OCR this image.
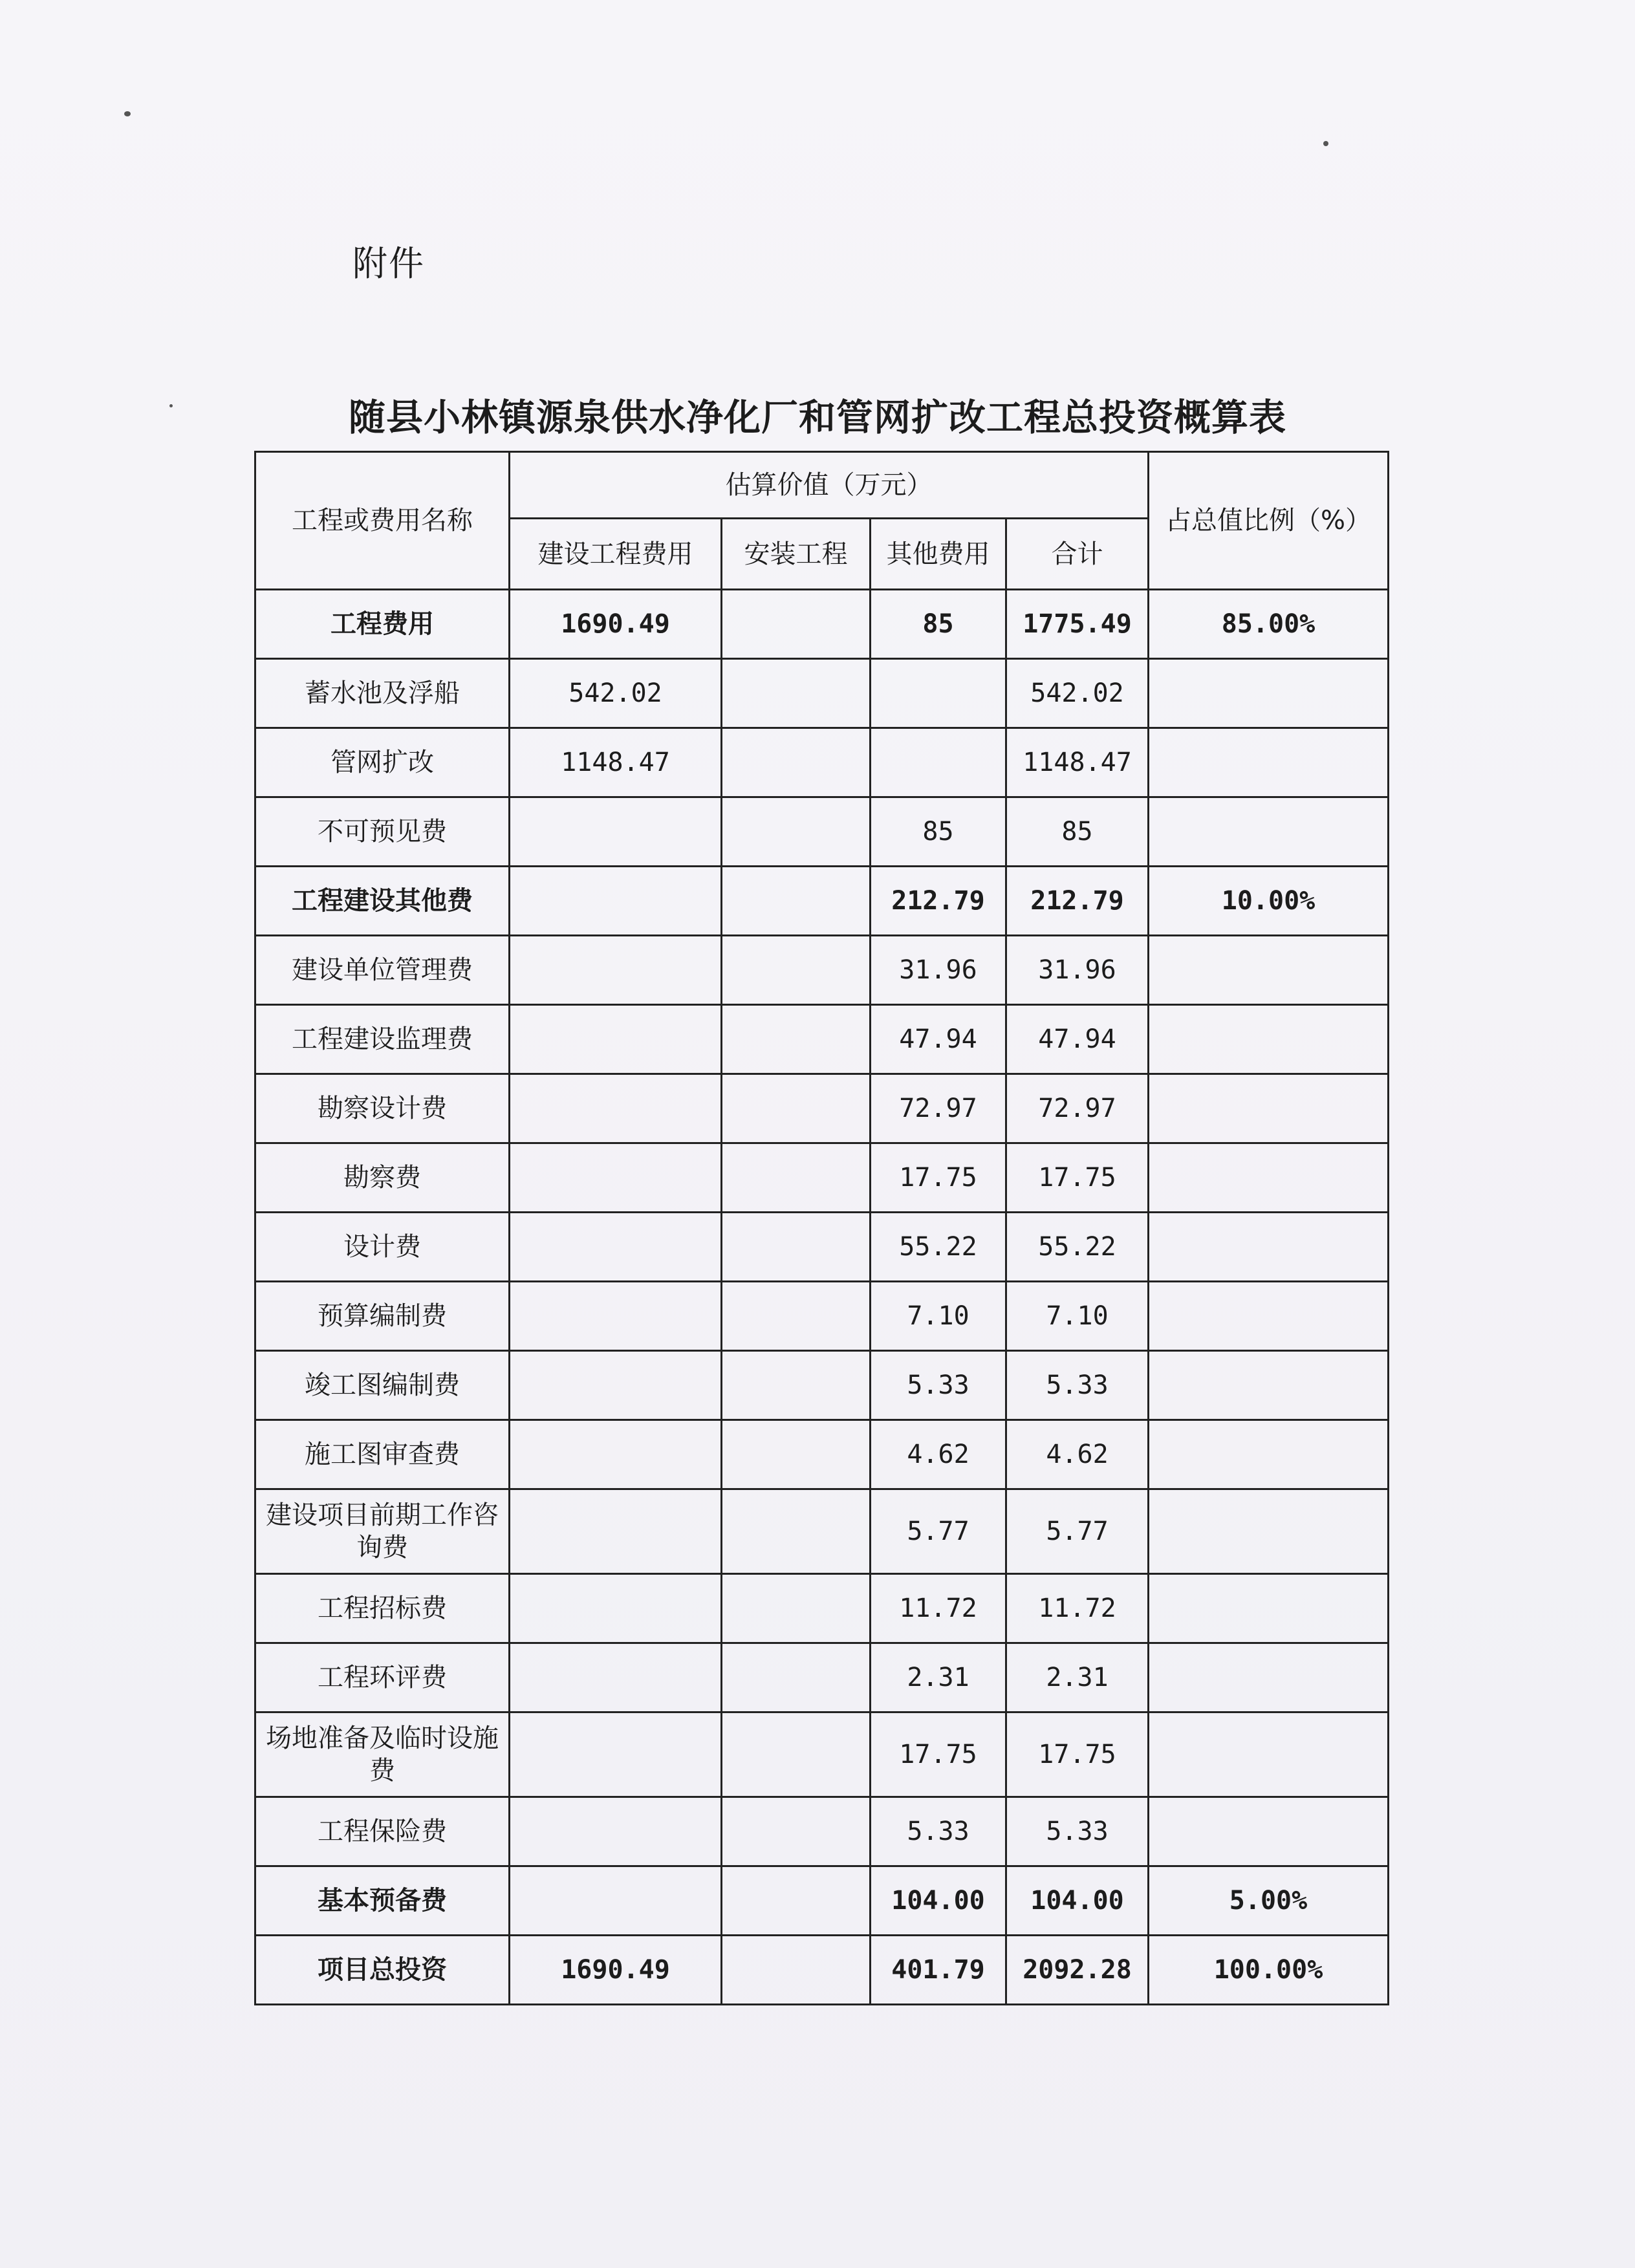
附件
随县小林镇源泉供水净化厂和管网扩改工程总投资概算表
工程或费用名称	估算价值（万元）				占总值比例（%）
	建设工程费用	安装工程	其他费用	合计	
工程费用	1690.49		85	1775.49	85.00%
蓄水池及浮船	542.02			542.02	
管网扩改	1148.47			1148.47	
不可预见费			85	85	
工程建设其他费			212.79	212.79	10.00%
建设单位管理费			31.96	31.96	
工程建设监理费			47.94	47.94	
勘察设计费			72.97	72.97	
勘察费			17.75	17.75	
设计费			55.22	55.22	
预算编制费			7.10	7.10	
竣工图编制费			5.33	5.33	
施工图审查费			4.62	4.62	
建设项目前期工作咨询费			5.77	5.77	
工程招标费			11.72	11.72	
工程环评费			2.31	2.31	
场地准备及临时设施费			17.75	17.75	
工程保险费			5.33	5.33	
基本预备费			104.00	104.00	5.00%
项目总投资	1690.49		401.79	2092.28	100.00%
